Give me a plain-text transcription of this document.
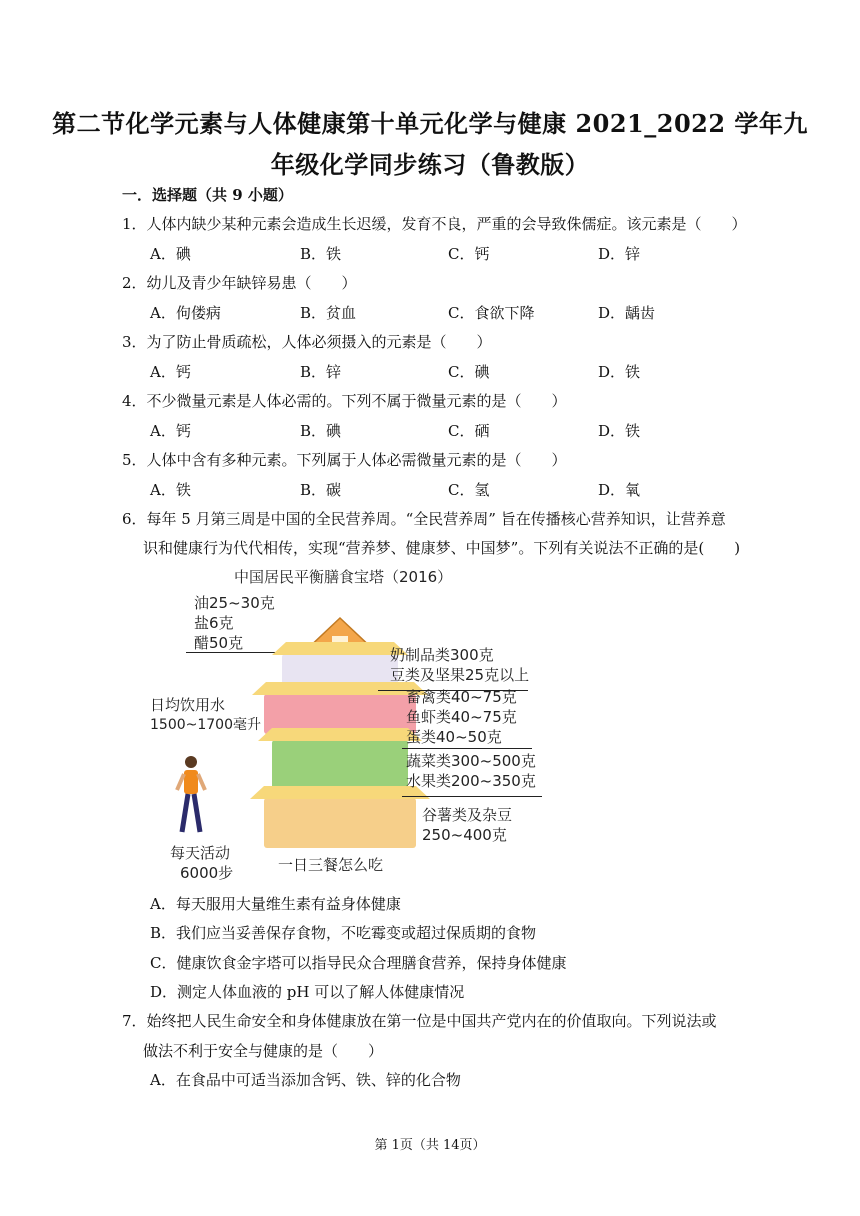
第二节化学元素与人体健康第十单元化学与健康 2021_2022 学年九
年级化学同步练习（鲁教版）
一．选择题（共 9 小题）
1．人体内缺少某种元素会造成生长迟缓，发育不良，严重的会导致侏儒症。该元素是（　　）
A．碘	B．铁	C．钙	D．锌
2．幼儿及青少年缺锌易患（　　）
A．佝偻病	B．贫血	C．食欲下降	D．龋齿
3．为了防止骨质疏松，人体必须摄入的元素是（　　）
A．钙	B．锌	C．碘	D．铁
4．不少微量元素是人体必需的。下列不属于微量元素的是（　　）
A．钙	B．碘	C．硒	D．铁
5．人体中含有多种元素。下列属于人体必需微量元素的是（　　）
A．铁	B．碳	C．氢	D．氧
6．每年 5 月第三周是中国的全民营养周。“全民营养周” 旨在传播核心营养知识，让营养意
识和健康行为代代相传，实现“营养梦、健康梦、中国梦”。下列有关说法不正确的是(　　)
中国居民平衡膳食宝塔（2016）
油25~30克
盐6克
醋50克
日均饮用水
1500~1700毫升
奶制品类300克
豆类及坚果25克以上
畜禽类40~75克
鱼虾类40~75克
蛋类40~50克
蔬菜类300~500克
水果类200~350克
谷薯类及杂豆
250~400克
每天活动
6000步	一日三餐怎么吃
A．每天服用大量维生素有益身体健康
B．我们应当妥善保存食物，不吃霉变或超过保质期的食物
C．健康饮食金字塔可以指导民众合理膳食营养，保持身体健康
D．测定人体血液的 pH 可以了解人体健康情况
7．始终把人民生命安全和身体健康放在第一位是中国共产党内在的价值取向。下列说法或
做法不利于安全与健康的是（　　）
A．在食品中可适当添加含钙、铁、锌的化合物
第 1页（共 14页）
